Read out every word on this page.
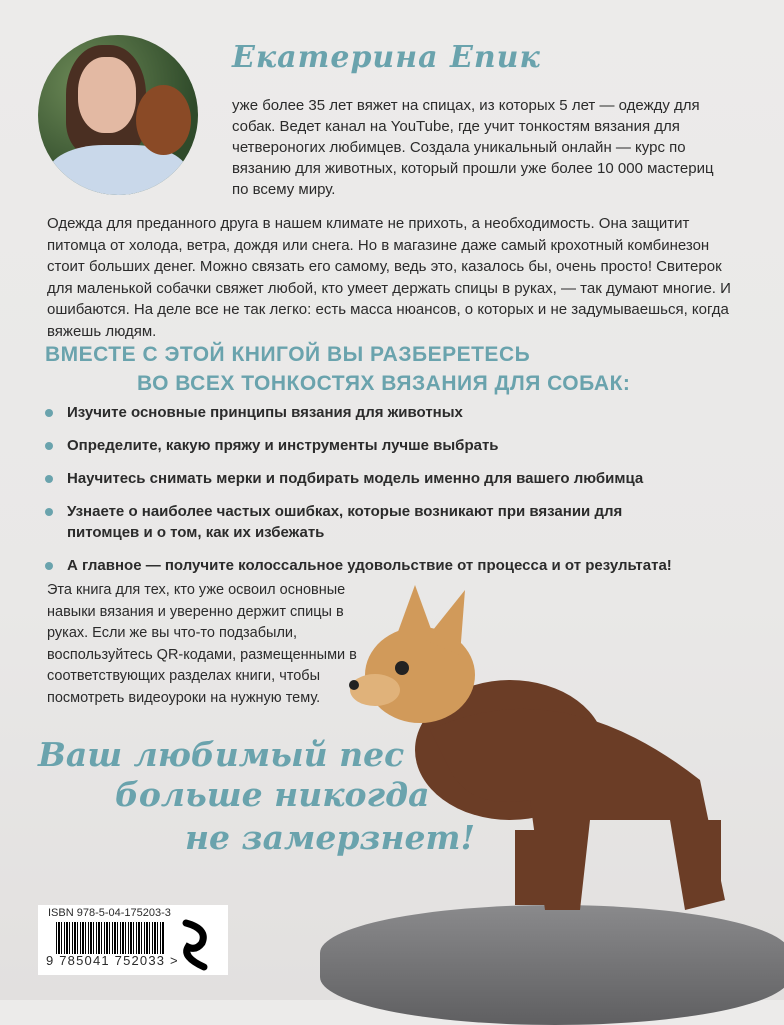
Екатерина Епик

уже более 35 лет вяжет на спицах, из которых 5 лет — одежду для собак. Ведет канал на YouTube, где учит тонкостям вязания для четвероногих любимцев. Создала уникальный онлайн — курс по вязанию для животных, который прошли уже более 10 000 мастериц по всему миру.

Одежда для преданного друга в нашем климате не прихоть, а необходимость. Она защитит питомца от холода, ветра, дождя или снега. Но в магазине даже самый крохотный комбинезон стоит больших денег. Можно связать его самому, ведь это, казалось бы, очень просто! Свитерок для маленькой собачки свяжет любой, кто умеет держать спицы в руках, — так думают многие. И ошибаются. На деле все не так легко: есть масса нюансов, о которых и не задумываешься, когда вяжешь людям.

ВМЕСТЕ С ЭТОЙ КНИГОЙ ВЫ РАЗБЕРЕТЕСЬ
ВО ВСЕХ ТОНКОСТЯХ ВЯЗАНИЯ ДЛЯ СОБАК:
Изучите основные принципы вязания для животных
Определите, какую пряжу и инструменты лучше выбрать
Научитесь снимать мерки и подбирать модель именно для вашего любимца
Узнаете о наиболее частых ошибках, которые возникают при вязании для питомцев и о том, как их избежать
А главное — получите колоссальное удовольствие от процесса и от результата!

Эта книга для тех, кто уже освоил основные навыки вязания и уверенно держит спицы в руках. Если же вы что-то подзабыли, воспользуйтесь QR-кодами, размещенными в соответствующих разделах книги, чтобы посмотреть видеоуроки на нужную тему.

Ваш любимый пес
больше никогда
не замерзнет!
ISBN 978-5-04-175203-3
9 785041 752033 >
